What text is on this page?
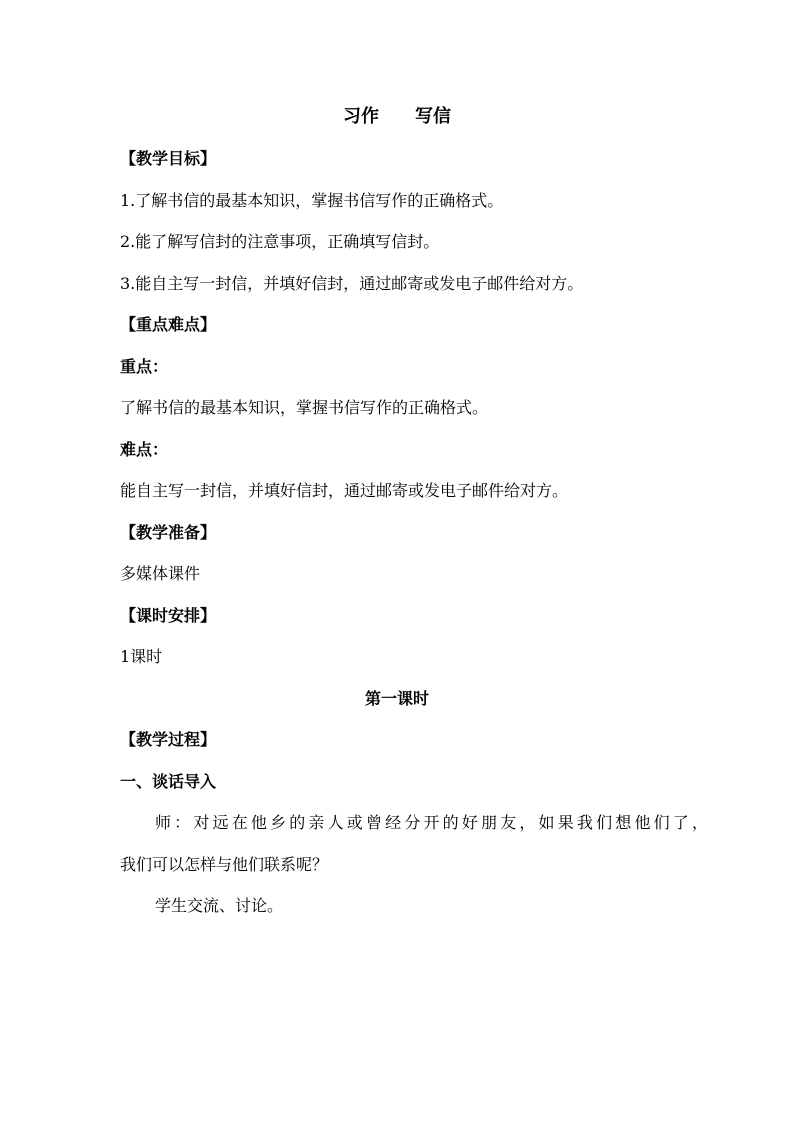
习作 写信
【教学目标】
1.了解书信的最基本知识，掌握书信写作的正确格式。
2.能了解写信封的注意事项，正确填写信封。
3.能自主写一封信，并填好信封，通过邮寄或发电子邮件给对方。
【重点难点】
重点：
了解书信的最基本知识，掌握书信写作的正确格式。
难点：
能自主写一封信，并填好信封，通过邮寄或发电子邮件给对方。
【教学准备】
多媒体课件
【课时安排】
1课时
第一课时
【教学过程】
一、谈话导入
师：对远在他乡的亲人或曾经分开的好朋友，如果我们想他们了，
我们可以怎样与他们联系呢？
学生交流、讨论。
